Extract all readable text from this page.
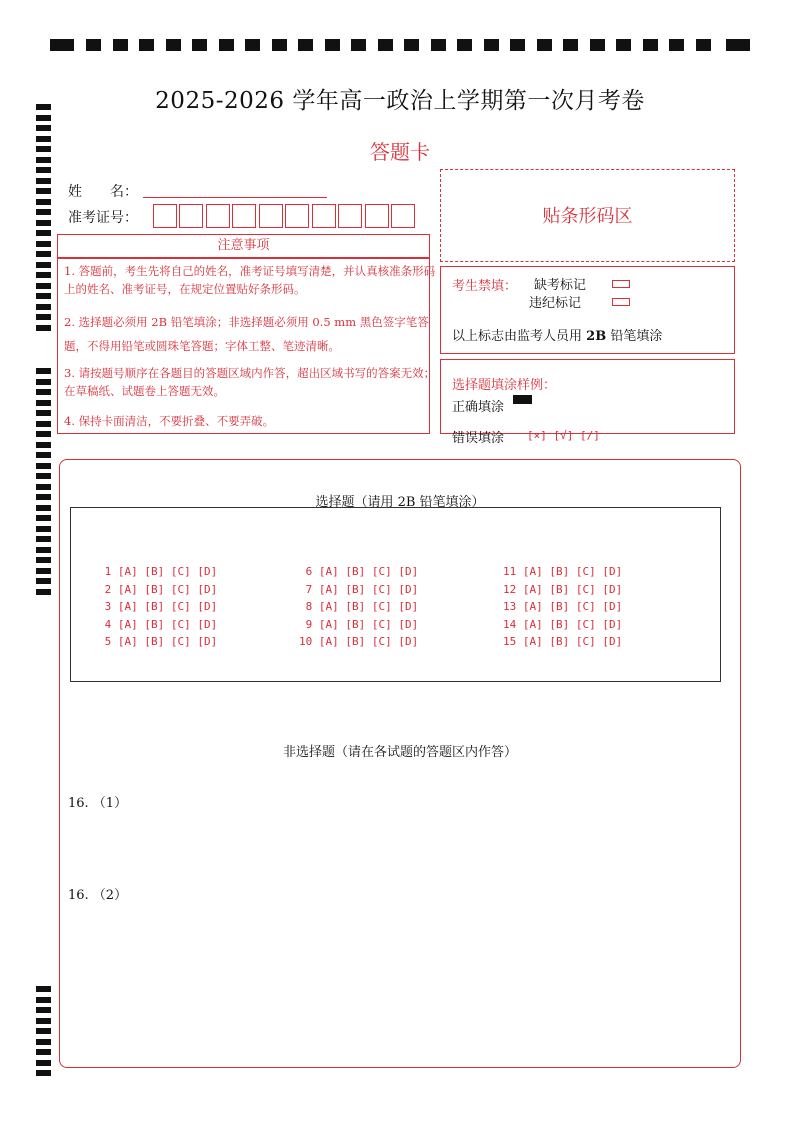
2025-2026 学年高一政治上学期第一次月考卷
答题卡
姓　　名：
准考证号：	贴条形码区
注意事项
1. 答题前，考生先将自己的姓名，准考证号填写清楚，并认真核准条形码上的姓名、准考证号，在规定位置贴好条形码。
2. 选择题必须用 2B 铅笔填涂；非选择题必须用 0.5 mm 黑色签字笔答题，不得用铅笔或圆珠笔答题；字体工整、笔迹清晰。
3. 请按题号顺序在各题目的答题区域内作答，超出区域书写的答案无效；在草稿纸、试题卷上答题无效。
4. 保持卡面清洁，不要折叠、不要弄破。
考生禁填： 缺考标记
违纪标记
以上标志由监考人员用 2B 铅笔填涂
选择题填涂样例：
正确填涂
错误填涂 [×] [√] [/]
选择题（请用 2B 铅笔填涂）
1 [A] [B] [C] [D]
2 [A] [B] [C] [D]
3 [A] [B] [C] [D]
4 [A] [B] [C] [D]
5 [A] [B] [C] [D]
6 [A] [B] [C] [D]
7 [A] [B] [C] [D]
8 [A] [B] [C] [D]
9 [A] [B] [C] [D]
10 [A] [B] [C] [D]
11 [A] [B] [C] [D]
12 [A] [B] [C] [D]
13 [A] [B] [C] [D]
14 [A] [B] [C] [D]
15 [A] [B] [C] [D]
非选择题（请在各试题的答题区内作答）
16. （1）
16. （2）
